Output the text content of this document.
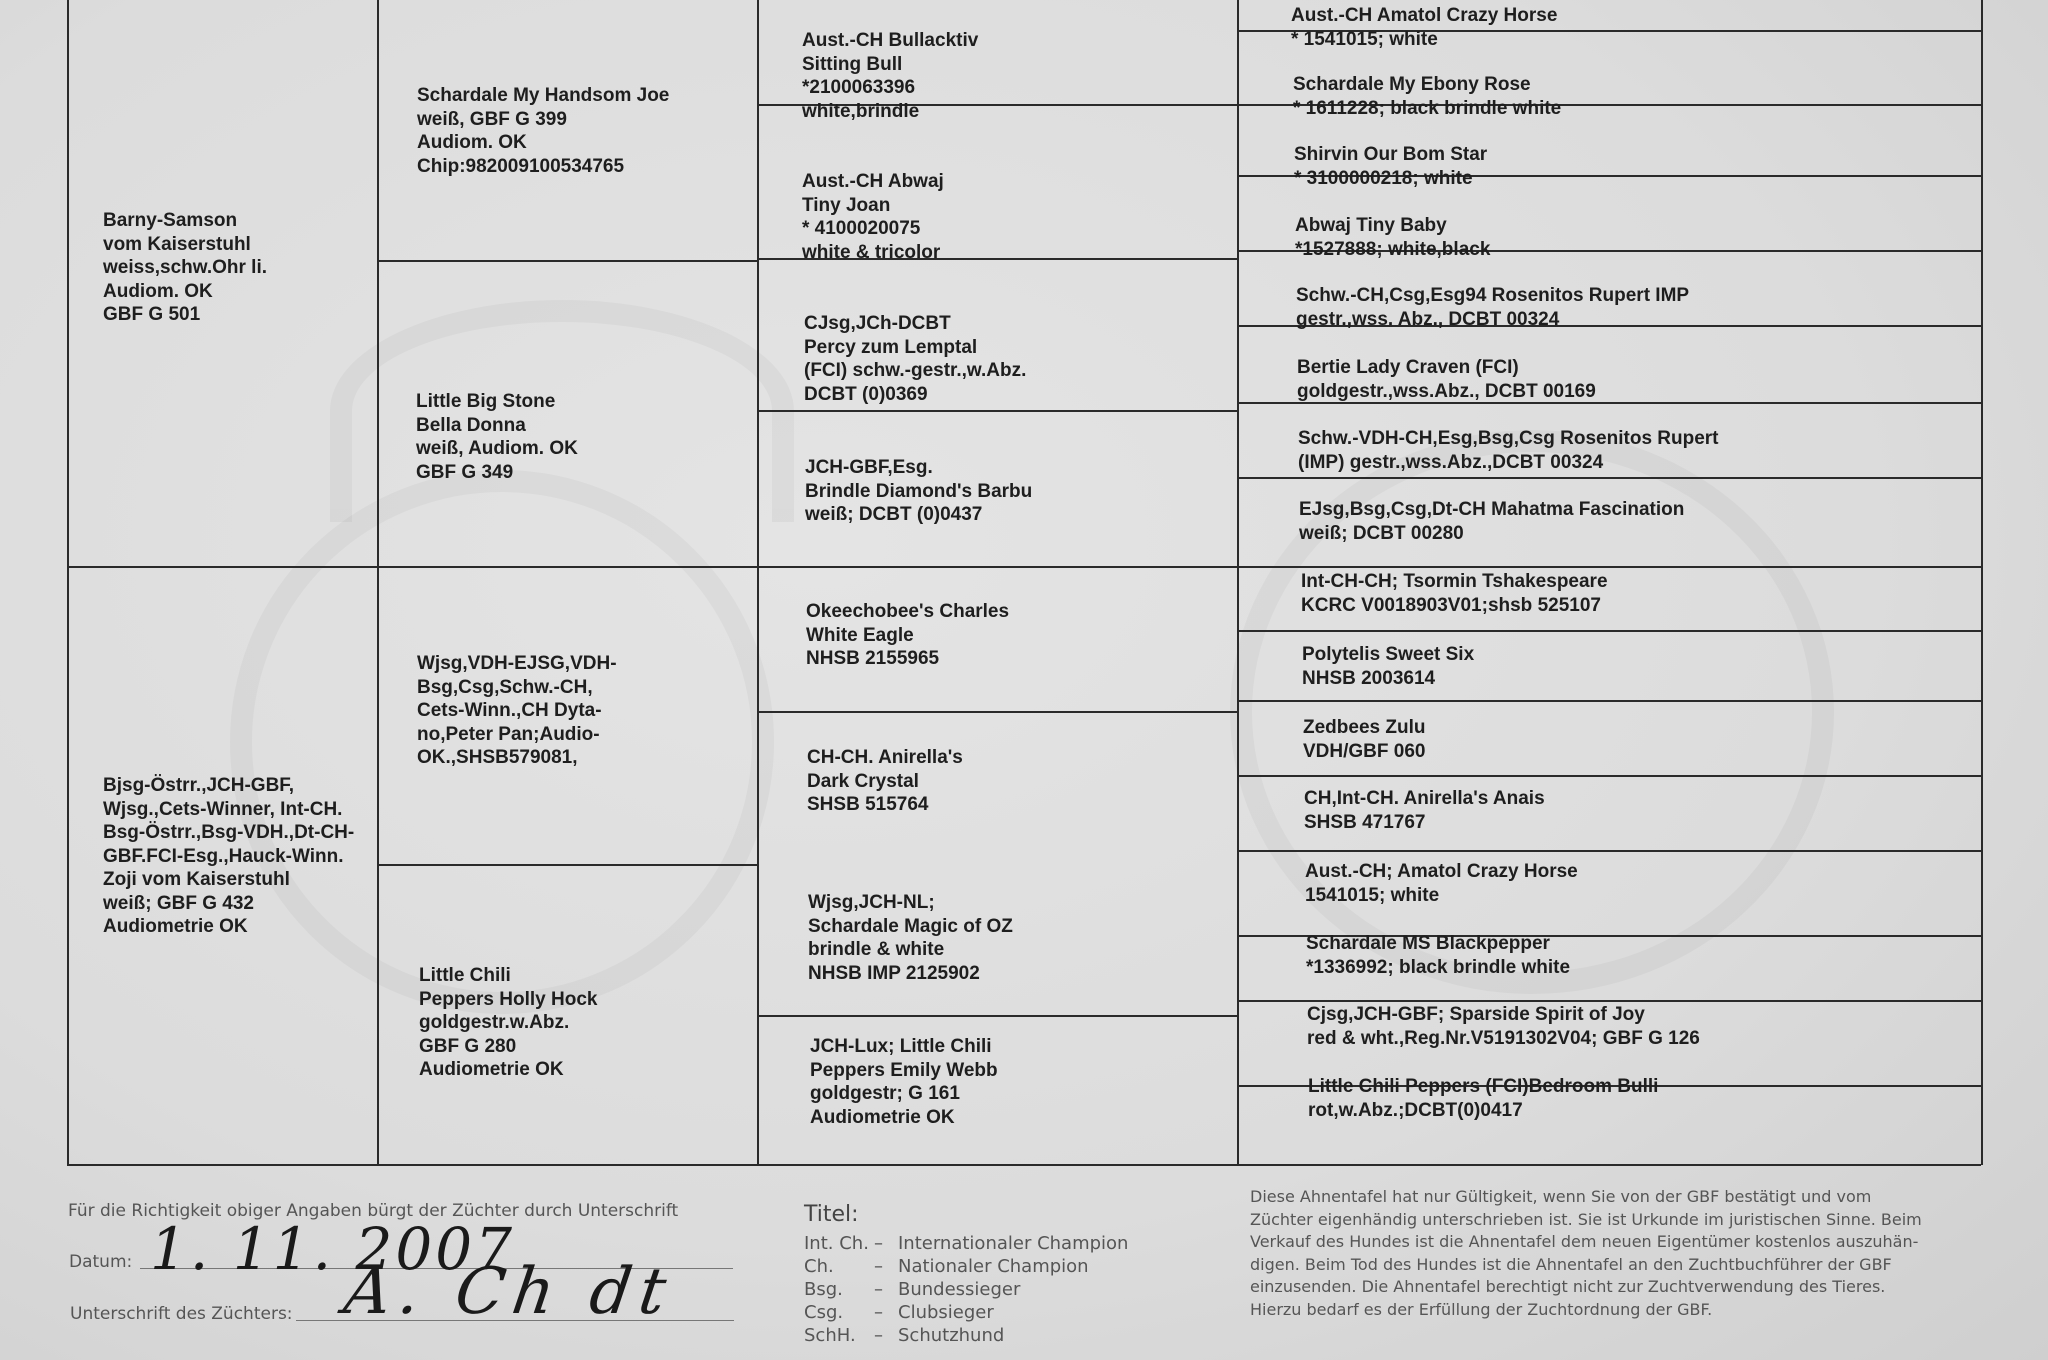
Barny-Samson
vom Kaiserstuhl
weiss,schw.Ohr li.
Audiom. OK
GBF G 501
Bjsg-Östrr.,JCH-GBF,
Wjsg.,Cets-Winner, Int-CH.
Bsg-Östrr.,Bsg-VDH.,Dt-CH-
GBF.FCI-Esg.,Hauck-Winn.
Zoji vom Kaiserstuhl
weiß; GBF G 432
Audiometrie OK
Schardale My Handsom Joe
weiß, GBF G 399
Audiom. OK
Chip:982009100534765
Little Big Stone
Bella Donna
weiß, Audiom. OK
GBF G 349
Wjsg,VDH-EJSG,VDH-
Bsg,Csg,Schw.-CH,
Cets-Winn.,CH Dyta-
no,Peter Pan;Audio-
OK.,SHSB579081,
Little Chili
Peppers Holly Hock
goldgestr.w.Abz.
GBF G 280
Audiometrie OK
Aust.-CH Bullacktiv
Sitting Bull
*2100063396
white,brindle
Aust.-CH Abwaj
Tiny Joan
* 4100020075
white & tricolor
CJsg,JCh-DCBT
Percy zum Lemptal
(FCI) schw.-gestr.,w.Abz.
DCBT (0)0369
JCH-GBF,Esg.
Brindle Diamond's Barbu
weiß; DCBT (0)0437
Okeechobee's Charles
White Eagle
NHSB 2155965
CH-CH. Anirella's
Dark Crystal
SHSB 515764
Wjsg,JCH-NL;
Schardale Magic of OZ
brindle & white
NHSB IMP 2125902
JCH-Lux; Little Chili
Peppers Emily Webb
goldgestr; G 161
Audiometrie OK
Aust.-CH Amatol Crazy Horse
* 1541015; white
Schardale My Ebony Rose
* 1611228; black brindle white
Shirvin Our Bom Star
* 3100000218; white
Abwaj Tiny Baby
*1527888; white,black
Schw.-CH,Csg,Esg94 Rosenitos Rupert IMP
gestr.,wss. Abz., DCBT 00324
Bertie Lady Craven (FCI)
goldgestr.,wss.Abz., DCBT 00169
Schw.-VDH-CH,Esg,Bsg,Csg Rosenitos Rupert
(IMP) gestr.,wss.Abz.,DCBT 00324
EJsg,Bsg,Csg,Dt-CH Mahatma Fascination
weiß; DCBT 00280
Int-CH-CH; Tsormin Tshakespeare
KCRC V0018903V01;shsb 525107
Polytelis Sweet Six
NHSB 2003614
Zedbees Zulu
VDH/GBF 060
CH,Int-CH. Anirella's Anais
SHSB 471767
Aust.-CH; Amatol Crazy Horse
1541015; white
Schardale MS Blackpepper
*1336992; black brindle white
Cjsg,JCH-GBF; Sparside Spirit of Joy
red & wht.,Reg.Nr.V5191302V04; GBF G 126
Little Chili Peppers (FCI)Bedroom Bulli
rot,w.Abz.;DCBT(0)0417
Für die Richtigkeit obiger Angaben bürgt der Züchter durch Unterschrift
Datum: 1. 11. 2007
Unterschrift des Züchters: A. Ch dt
Titel:
Int. Ch. – Internationaler Champion
Ch.	– Nationaler Champion
Bsg.	– Bundessieger
Csg.	– Clubsieger
SchH.	– Schutzhund
Diese Ahnentafel hat nur Gültigkeit, wenn Sie von der GBF bestätigt und vom
Züchter eigenhändig unterschrieben ist. Sie ist Urkunde im juristischen Sinne. Beim
Verkauf des Hundes ist die Ahnentafel dem neuen Eigentümer kostenlos auszuhän-
digen. Beim Tod des Hundes ist die Ahnentafel an den Zuchtbuchführer der GBF
einzusenden. Die Ahnentafel berechtigt nicht zur Zuchtverwendung des Tieres.
Hierzu bedarf es der Erfüllung der Zuchtordnung der GBF.
